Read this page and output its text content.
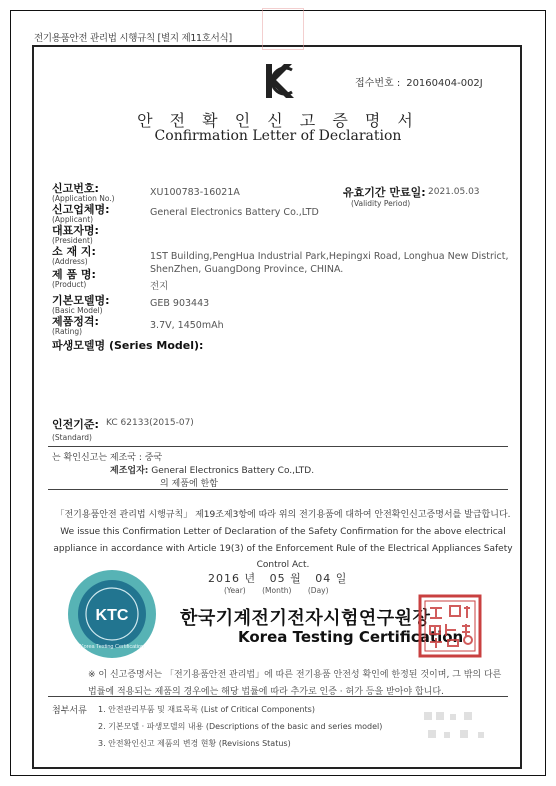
전기용품안전 관리법 시행규칙 [별지 제11호서식]
접수번호 : 20160404-002J
안 전 확 인 신 고 증 명 서
Confirmation Letter of Declaration
신고번호:
(Application No.)
XU100783-16021A
신고업체명:
(Applicant)
General Electronics Battery Co.,LTD
대표자명:
(President)
소 재 지:
(Address)	1ST Building,PengHua Industrial Park,Hepingxi Road, Longhua New District,
ShenZhen, GuangDong Province, CHINA.
제 품 명:
(Product)	전지
기본모델명:
(Basic Model)
GEB 903443
제품정격:
(Rating)
3.7V, 1450mAh
파생모델명 (Series Model):
유효기간 만료일:
(Validity Period)
2021.05.03
인전기준:
(Standard)
KC 62133(2015-07)
는 확인신고는 제조국 : 중국
제조업자: General Electronics Battery Co.,LTD.
의 제품에 한함
「전기용품안전 관리법 시행규칙」 제19조제3항에 따라 위의 전기용품에 대하여 안전확인신고증명서를 발급합니다.
We issue this Confirmation Letter of Declaration of the Safety Confirmation for the above electrical
appliance in accordance with Article 19(3) of the Enforcement Rule of the Electrical Appliances Safety Control Act.
2016 년 05 월 04 일
(Year) (Month) (Day)
KTC
Korea Testing Certification
한국기계전기전자시험연구원장
Korea Testing Certification
※ 이 신고증명서는 「전기용품안전 관리법」에 따른 전기용품 안전성 확인에 한정된 것이며, 그 밖의 다른
법률에 적용되는 제품의 경우에는 해당 법률에 따라 추가로 인증 · 허가 등을 받아야 합니다.
첨부서류 1. 안전관리부품 및 재료목록 (List of Critical Components)
2. 기본모델 · 파생모델의 내용 (Descriptions of the basic and series model)
3. 안전확인신고 제품의 변경 현황 (Revisions Status)
